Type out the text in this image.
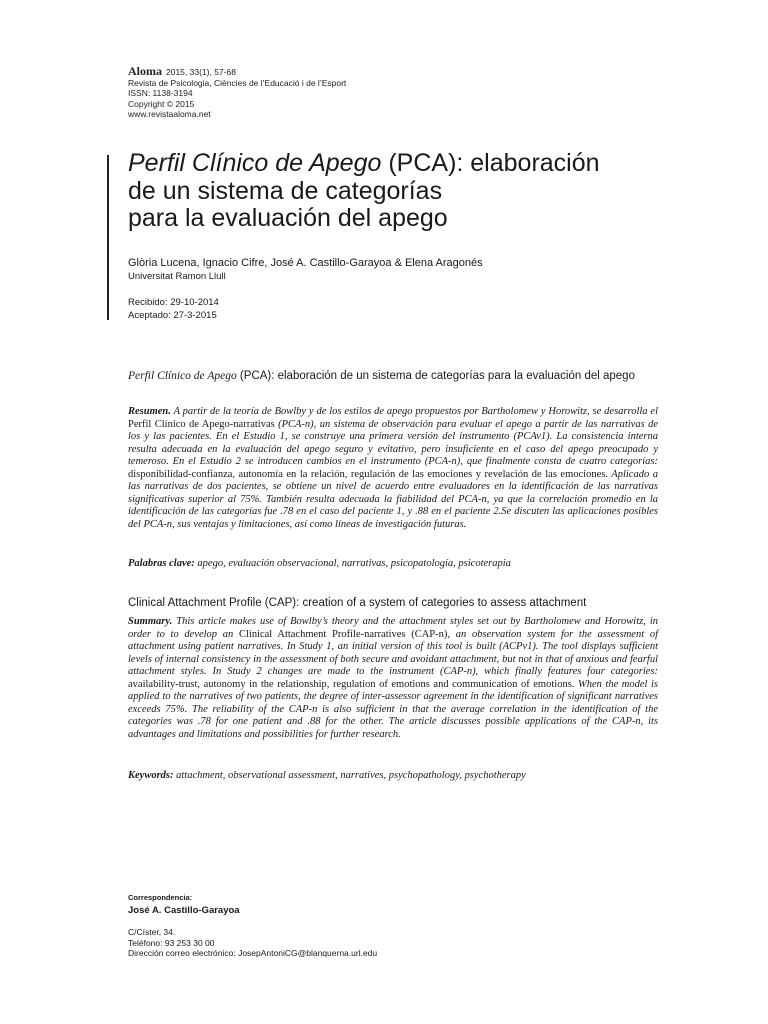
Aloma 2015, 33(1), 57-68
Revista de Psicologia, Ciències de l’Educació i de l’Esport
ISSN: 1138-3194
Copyright © 2015
www.revistaaloma.net
Perfil Clínico de Apego (PCA): elaboración
de un sistema de categorías
para la evaluación del apego
Glòria Lucena, Ignacio Cifre, José A. Castillo-Garayoa & Elena Aragonés
Universitat Ramon Llull
Recibido: 29-10-2014
Aceptado: 27-3-2015
Perfil Clínico de Apego (PCA): elaboración de un sistema de categorías para la evaluación del apego
Resumen. A partir de la teoría de Bowlby y de los estilos de apego propuestos por Bartholomew y Horowitz, se desarrolla el Perfil Clínico de Apego-narrativas (PCA-n), un sistema de observación para evaluar el apego a partir de las narrativas de los y las pacientes. En el Estudio 1, se construye una primera versión del instrumento (PCAv1). La consistencia interna resulta adecuada en la evaluación del apego seguro y evitativo, pero insuficiente en el caso del apego preocupado y temeroso. En el Estudio 2 se introducen cambios en el instrumento (PCA-n), que finalmente consta de cuatro categorías: disponibilidad-confianza, autonomía en la relación, regulación de las emociones y revelación de las emociones. Aplicado a las narrativas de dos pacientes, se obtiene un nivel de acuerdo entre evaluadores en la identificación de las narrativas significativas superior al 75%. También resulta adecuada la fiabilidad del PCA-n, ya que la correlación promedio en la identificación de las categorías fue .78 en el caso del paciente 1, y .88 en el paciente 2.Se discuten las aplicaciones posibles del PCA-n, sus ventajas y limitaciones, así como líneas de investigación futuras.
Palabras clave: apego, evaluación observacional, narrativas, psicopatología, psicoterapia
Clinical Attachment Profile (CAP): creation of a system of categories to assess attachment
Summary. This article makes use of Bowlby’s theory and the attachment styles set out by Bartholomew and Horowitz, in order to to develop an Clinical Attachment Profile-narratives (CAP-n), an observation system for the assessment of attachment using patient narratives. In Study 1, an initial version of this tool is built (ACPv1). The tool displays sufficient levels of internal consistency in the assessment of both secure and avoidant attachment, but not in that of anxious and fearful attachment styles. In Study 2 changes are made to the instrument (CAP-n), which finally features four categories: availability-trust, autonomy in the relationship, regulation of emotions and communication of emotions. When the model is applied to the narratives of two patients, the degree of inter-assessor agreement in the identification of significant narratives exceeds 75%. The reliability of the CAP-n is also sufficient in that the average correlation in the identification of the categories was .78 for one patient and .88 for the other. The article discusses possible applications of the CAP-n, its advantages and limitations and possibilities for further research.
Keywords: attachment, observational assessment, narratives, psychopathology, psychotherapy
Correspondencia:
José A. Castillo-Garayoa
C/Císter, 34.
Teléfono: 93 253 30 00
Dirección correo electrónico: JosepAntoniCG@blanquerna.url.edu
